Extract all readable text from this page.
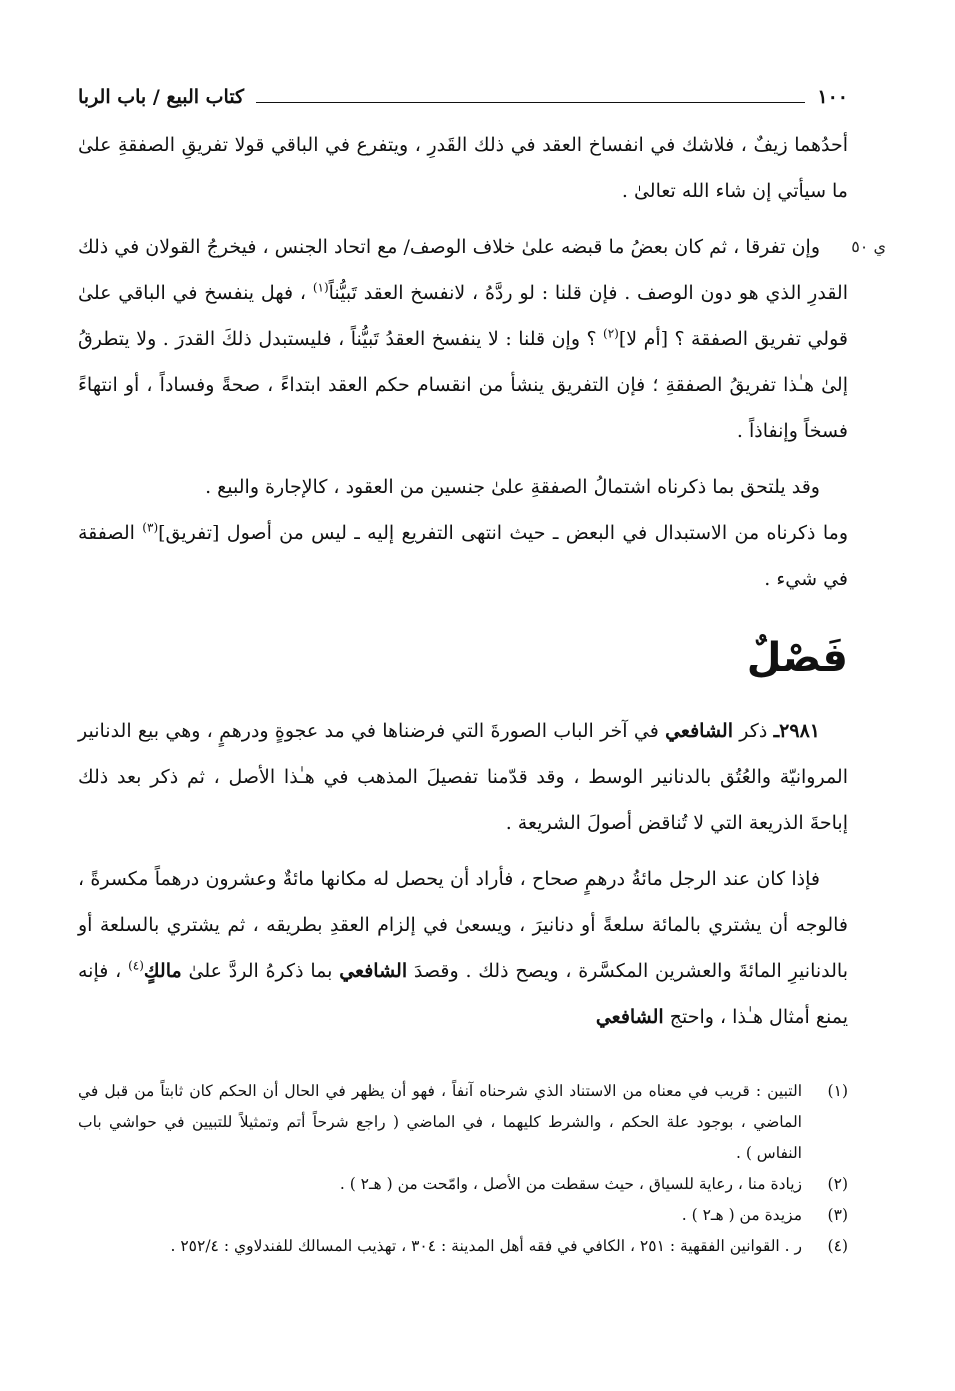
١٠٠
كتاب البيع / باب الربا

أحدُهما زيفٌ ، فلاشك في انفساخ العقد في ذلك القَدرِ ، ويتفرع في الباقي قولا تفريقِ الصفقةِ علىٰ ما سيأتي إن شاء الله تعالىٰ .

ي ٥٠
وإن تفرقا ، ثم كان بعضُ ما قبضه علىٰ خلاف الوصف/ مع اتحاد الجنس ، فيخرجُ القولان في ذلك القدرِ الذي هو دون الوصف . فإن قلنا : لو ردَّهُ ، لانفسخ العقد تَبيُّناً$^{(١)}$ ، فهل ينفسخ في الباقي علىٰ قولي تفريق الصفقة ؟ [أم لا]$^{(٢)}$ ؟ وإن قلنا : لا ينفسخ العقدُ تَبيُّناً ، فليستبدل ذلكَ القدرَ . ولا يتطرقُ إلىٰ هـٰذا تفريقُ الصفقةِ ؛ فإن التفريق ينشأ من انقسام حكم العقد ابتداءً ، صحةً وفساداً ، أو انتهاءً فسخاً وإنفاذاً .

وقد يلتحق بما ذكرناه اشتمالُ الصفقةِ علىٰ جنسين من العقود ، كالإجارة والبيع .

وما ذكرناه من الاستبدال في البعض ـ حيث انتهى التفريع إليه ـ ليس من أصول [تفريق]$^{(٣)}$ الصفقة في شيء .

فَصْلٌ

٢٩٨١ـ ذكر الشافعي في آخر الباب الصورةَ التي فرضناها في مد عجوةٍ ودرهمٍ ، وهي بيع الدنانير المروانيّة والعُتُق بالدنانير الوسط ، وقد قدّمنا تفصيلَ المذهب في هـٰذا الأصل ، ثم ذكر بعد ذلك إباحةَ الذريعة التي لا تُناقض أصولَ الشريعة .

فإذا كان عند الرجل مائةُ درهمٍ صحاح ، فأراد أن يحصل له مكانها مائةٌ وعشرون درهماً مكسرةً ، فالوجه أن يشتري بالمائة سلعةً أو دنانيرَ ، ويسعىٰ في إلزام العقدِ بطريقه ، ثم يشتري بالسلعة أو بالدنانيرِ المائةَ والعشرين المكسَّرة ، ويصح ذلك . وقصدَ الشافعي بما ذكرهُ الردَّ علىٰ مالكٍ$^{(٤)}$ ، فإنه يمنع أمثال هـٰذا ، واحتج الشافعي

(١)
التبين : قريب في معناه من الاستناد الذي شرحناه آنفاً ، فهو أن يظهر في الحال أن الحكم كان ثابتاً من قبل في الماضي ، بوجود علة الحكم ، والشرط كليهما ، في الماضي ( راجع شرحاً أتم وتمثيلاً للتبيين في حواشي باب النفاس ) .
(٢)
زيادة منا ، رعاية للسياق ، حيث سقطت من الأصل ، وامّحت من ( هـ٢ ) .
(٣)
مزيدة من ( هـ٢ ) .
(٤)
ر . القوانين الفقهية : ٢٥١ ، الكافي في فقه أهل المدينة : ٣٠٤ ، تهذيب المسالك للفندلاوي : ٢٥٢/٤ .
